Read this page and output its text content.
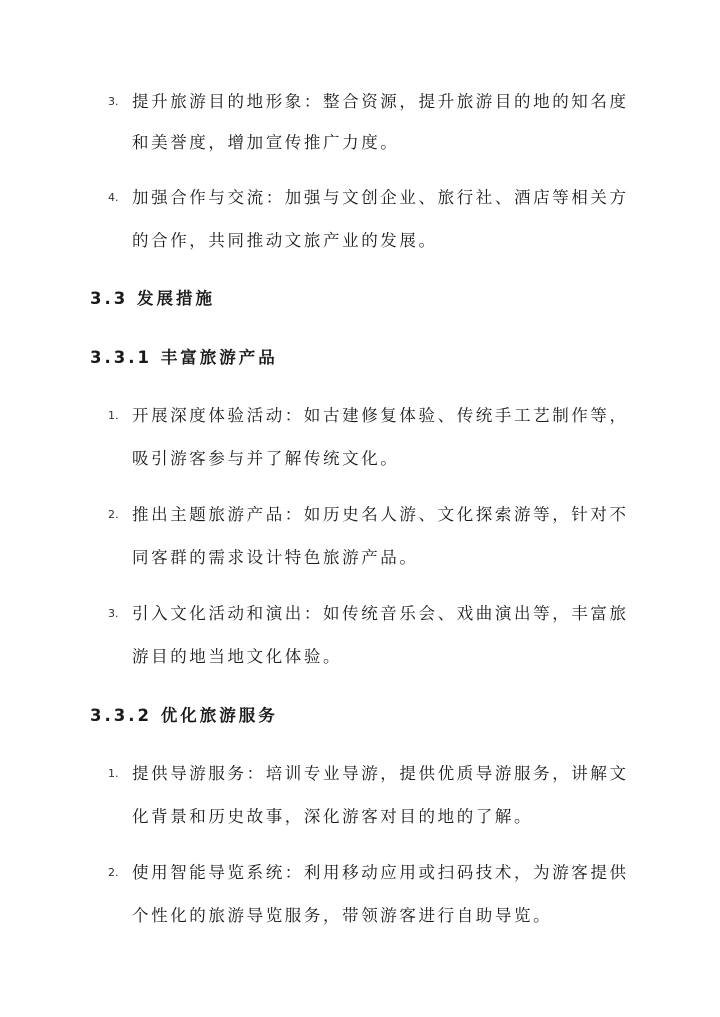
3. 提升旅游目的地形象：整合资源，提升旅游目的地的知名度
和美誉度，增加宣传推广力度。
4. 加强合作与交流：加强与文创企业、旅行社、酒店等相关方
的合作，共同推动文旅产业的发展。
3.3 发展措施
3.3.1 丰富旅游产品
1. 开展深度体验活动：如古建修复体验、传统手工艺制作等，
吸引游客参与并了解传统文化。
2. 推出主题旅游产品：如历史名人游、文化探索游等，针对不
同客群的需求设计特色旅游产品。
3. 引入文化活动和演出：如传统音乐会、戏曲演出等，丰富旅
游目的地当地文化体验。
3.3.2 优化旅游服务
1. 提供导游服务：培训专业导游，提供优质导游服务，讲解文
化背景和历史故事，深化游客对目的地的了解。
2. 使用智能导览系统：利用移动应用或扫码技术，为游客提供
个性化的旅游导览服务，带领游客进行自助导览。
